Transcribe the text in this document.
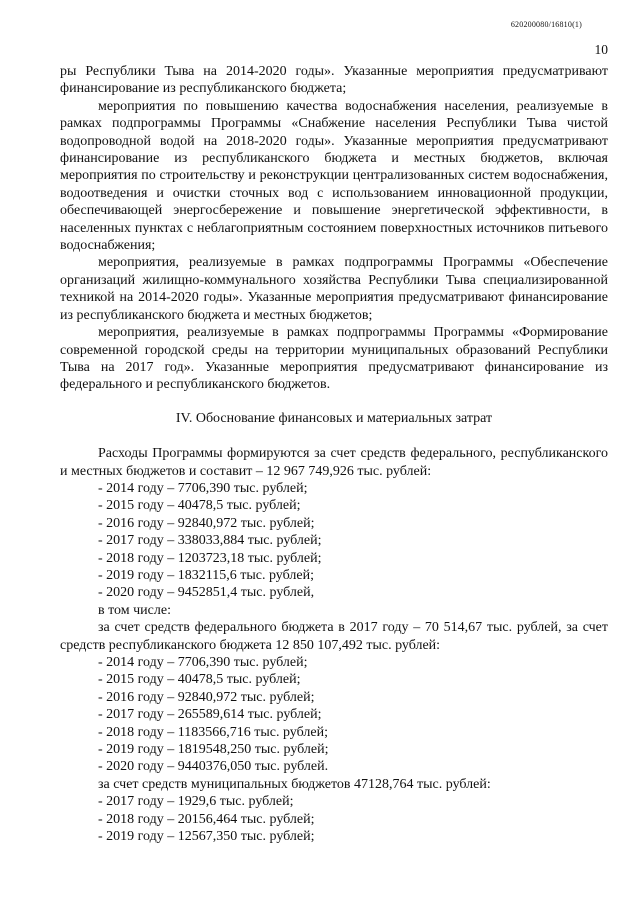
620200080/16810(1)
10

ры Республики Тыва на 2014-2020 годы». Указанные мероприятия предусматривают финансирование из республиканского бюджета;

мероприятия по повышению качества водоснабжения населения, реализуемые в рамках подпрограммы Программы «Снабжение населения Республики Тыва чистой водопроводной водой на 2018-2020 годы». Указанные мероприятия предусматривают финансирование из республиканского бюджета и местных бюджетов, включая мероприятия по строительству и реконструкции централизованных систем водоснабжения, водоотведения и очистки сточных вод с использованием инновационной продукции, обеспечивающей энергосбережение и повышение энергетической эффективности, в населенных пунктах с неблагоприятным состоянием поверхностных источников питьевого водоснабжения;

мероприятия, реализуемые в рамках подпрограммы Программы «Обеспечение организаций жилищно-коммунального хозяйства Республики Тыва специализированной техникой на 2014-2020 годы». Указанные мероприятия предусматривают финансирование из республиканского бюджета и местных бюджетов;

мероприятия, реализуемые в рамках подпрограммы Программы «Формирование современной городской среды на территории муниципальных образований Республики Тыва на 2017 год». Указанные мероприятия предусматривают финансирование из федерального и республиканского бюджетов.

IV. Обоснование финансовых и материальных затрат

Расходы Программы формируются за счет средств федерального, республиканского и местных бюджетов и составит – 12 967 749,926 тыс. рублей:

- 2014 году – 7706,390 тыс. рублей;
- 2015 году – 40478,5 тыс. рублей;
- 2016 году – 92840,972 тыс. рублей;
- 2017 году – 338033,884 тыс. рублей;
- 2018 году – 1203723,18 тыс. рублей;
- 2019 году – 1832115,6 тыс. рублей;
- 2020 году – 9452851,4 тыс. рублей,

в том числе:

за счет средств федерального бюджета в 2017 году – 70 514,67 тыс. рублей, за счет средств республиканского бюджета 12 850 107,492 тыс. рублей:

- 2014 году – 7706,390 тыс. рублей;
- 2015 году – 40478,5 тыс. рублей;
- 2016 году – 92840,972 тыс. рублей;
- 2017 году – 265589,614 тыс. рублей;
- 2018 году – 1183566,716 тыс. рублей;
- 2019 году – 1819548,250 тыс. рублей;
- 2020 году – 9440376,050 тыс. рублей.

за счет средств муниципальных бюджетов 47128,764 тыс. рублей:

- 2017 году – 1929,6 тыс. рублей;
- 2018 году – 20156,464 тыс. рублей;
- 2019 году – 12567,350 тыс. рублей;
